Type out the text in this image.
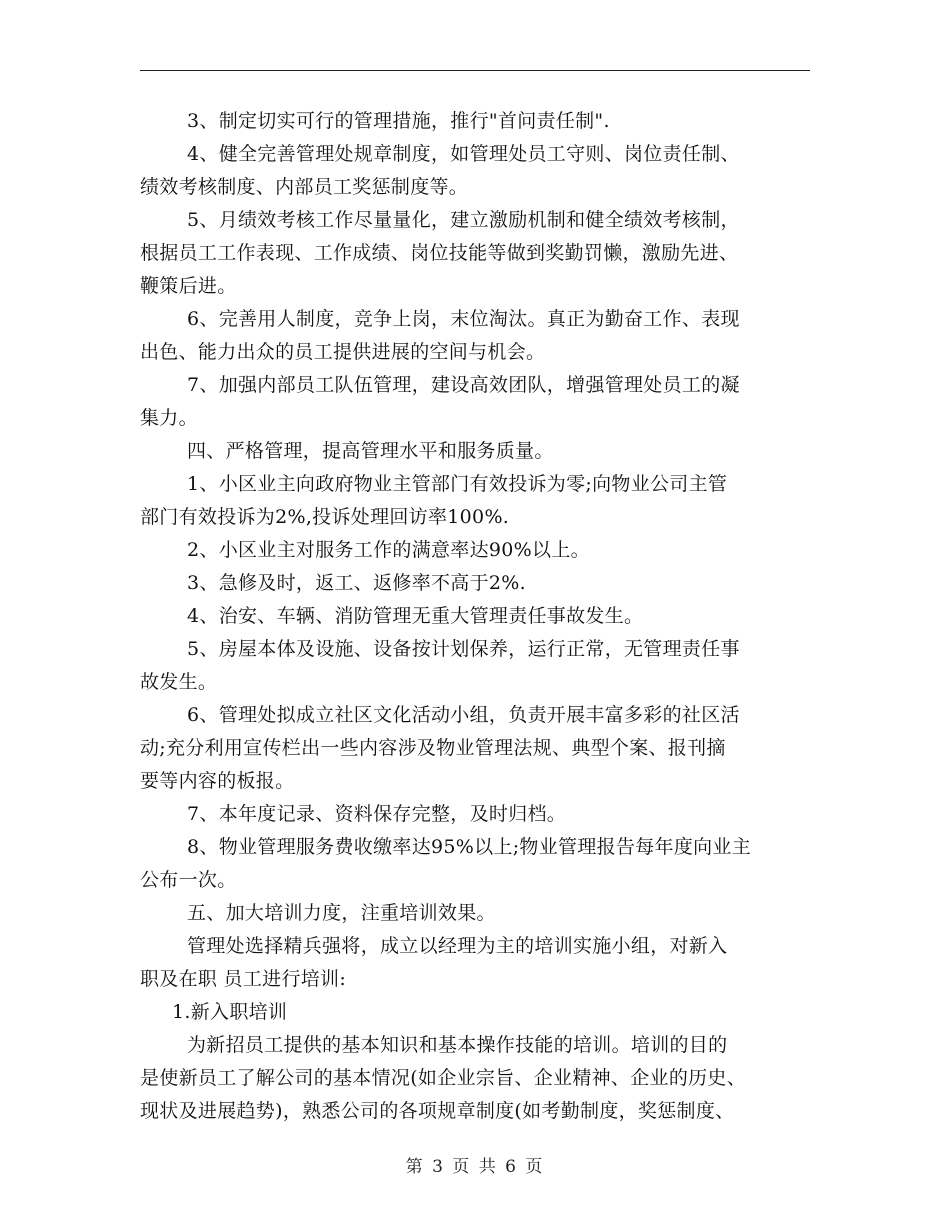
3、制定切实可行的管理措施，推行"首问责任制".
4、健全完善管理处规章制度，如管理处员工守则、岗位责任制、
绩效考核制度、内部员工奖惩制度等。
5、月绩效考核工作尽量量化，建立激励机制和健全绩效考核制，
根据员工工作表现、工作成绩、岗位技能等做到奖勤罚懒，激励先进、
鞭策后进。
6、完善用人制度，竞争上岗，末位淘汰。真正为勤奋工作、表现
出色、能力出众的员工提供进展的空间与机会。
7、加强内部员工队伍管理，建设高效团队，增强管理处员工的凝
集力。
四、严格管理，提高管理水平和服务质量。
1、小区业主向政府物业主管部门有效投诉为零;向物业公司主管
部门有效投诉为2%,投诉处理回访率100%.
2、小区业主对服务工作的满意率达90%以上。
3、急修及时，返工、返修率不高于2%.
4、治安、车辆、消防管理无重大管理责任事故发生。
5、房屋本体及设施、设备按计划保养，运行正常，无管理责任事
故发生。
6、管理处拟成立社区文化活动小组，负责开展丰富多彩的社区活
动;充分利用宣传栏出一些内容涉及物业管理法规、典型个案、报刊摘
要等内容的板报。
7、本年度记录、资料保存完整，及时归档。
8、物业管理服务费收缴率达95%以上;物业管理报告每年度向业主
公布一次。
五、加大培训力度，注重培训效果。
管理处选择精兵强将，成立以经理为主的培训实施小组，对新入
职及在职 员工进行培训:
1.新入职培训
为新招员工提供的基本知识和基本操作技能的培训。培训的目的
是使新员工了解公司的基本情况(如企业宗旨、企业精神、企业的历史、
现状及进展趋势)，熟悉公司的各项规章制度(如考勤制度，奖惩制度、
第 3 页 共 6 页
